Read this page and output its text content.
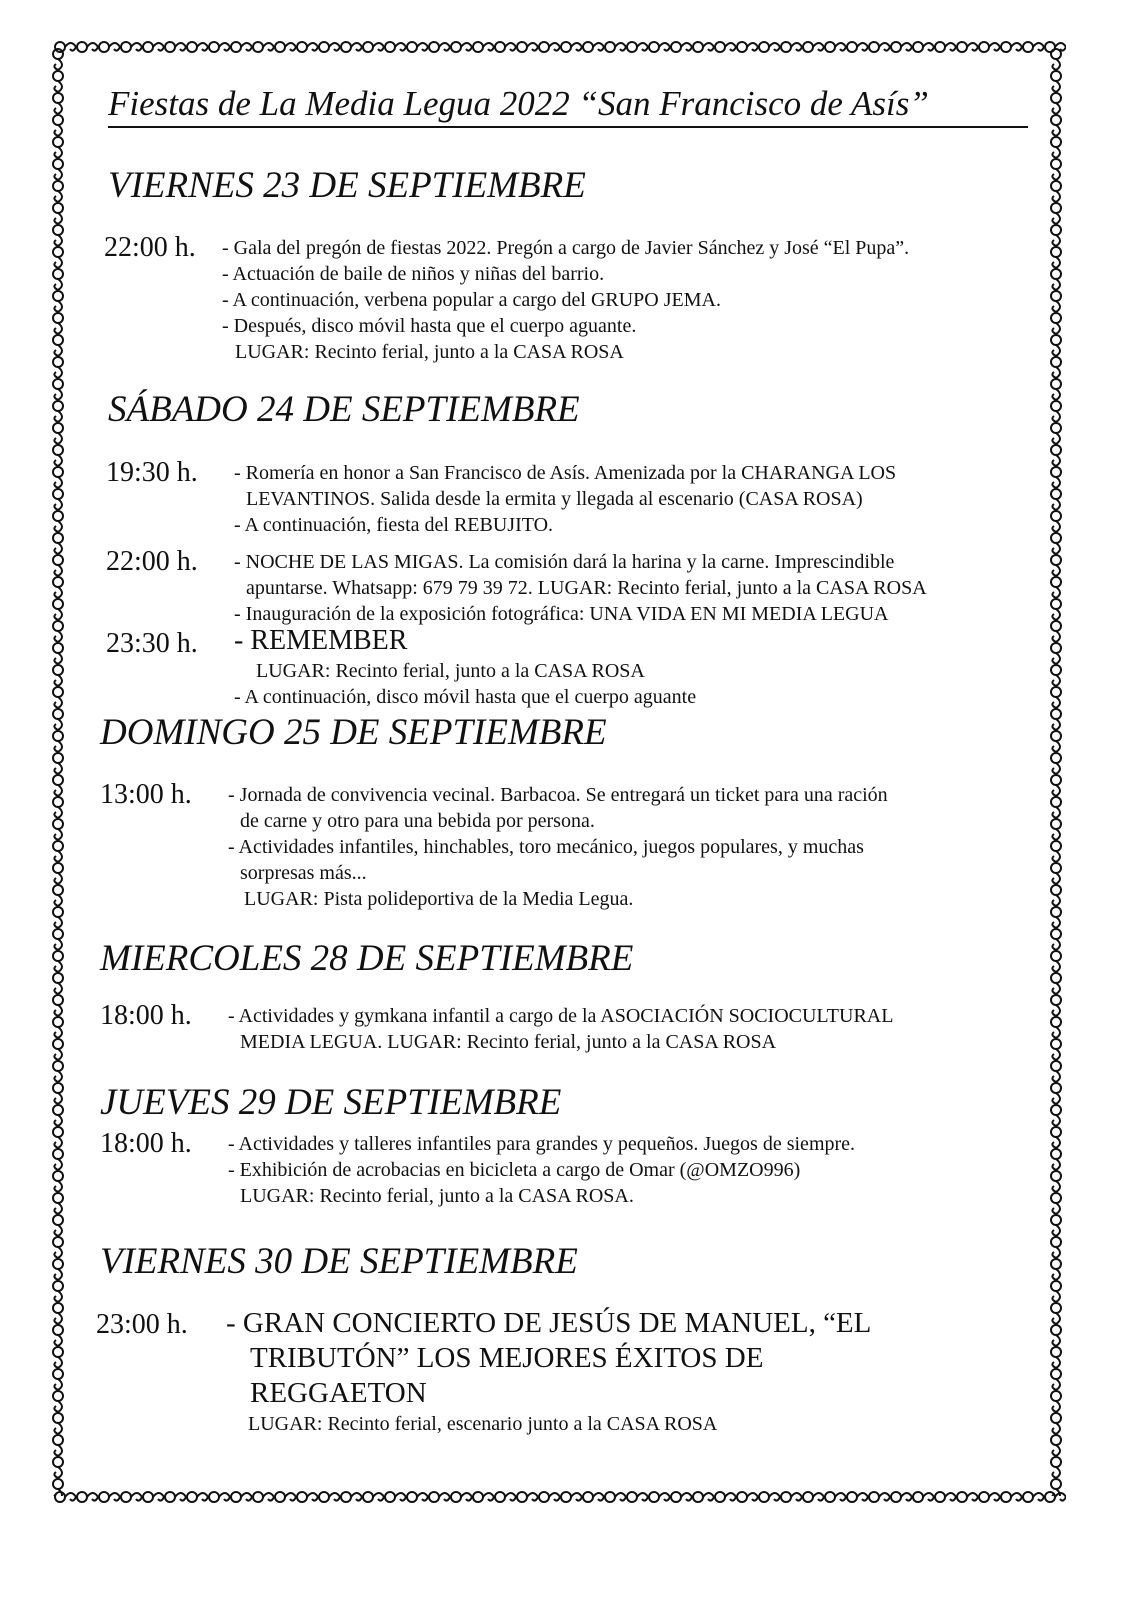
Fiestas de La Media Legua 2022 “San Francisco de Asís”
VIERNES 23 DE SEPTIEMBRE
22:00 h. - Gala del pregón de fiestas 2022. Pregón a cargo de Javier Sánchez y José “El Pupa”.
- Actuación de baile de niños y niñas del barrio.
- A continuación, verbena popular a cargo del GRUPO JEMA.
- Después, disco móvil hasta que el cuerpo aguante.
LUGAR: Recinto ferial, junto a la CASA ROSA
SÁBADO 24 DE SEPTIEMBRE
19:30 h. - Romería en honor a San Francisco de Asís. Amenizada por la CHARANGA LOS
LEVANTINOS. Salida desde la ermita y llegada al escenario (CASA ROSA)
- A continuación, fiesta del REBUJITO.
22:00 h. - NOCHE DE LAS MIGAS. La comisión dará la harina y la carne. Imprescindible
apuntarse. Whatsapp: 679 79 39 72. LUGAR: Recinto ferial, junto a la CASA ROSA
- Inauguración de la exposición fotográfica: UNA VIDA EN MI MEDIA LEGUA
23:30 h. - REMEMBER
LUGAR: Recinto ferial, junto a la CASA ROSA
- A continuación, disco móvil hasta que el cuerpo aguante
DOMINGO 25 DE SEPTIEMBRE
13:00 h. - Jornada de convivencia vecinal. Barbacoa. Se entregará un ticket para una ración
de carne y otro para una bebida por persona.
- Actividades infantiles, hinchables, toro mecánico, juegos populares, y muchas
sorpresas más...
LUGAR: Pista polideportiva de la Media Legua.
MIERCOLES 28 DE SEPTIEMBRE
18:00 h. - Actividades y gymkana infantil a cargo de la ASOCIACIÓN SOCIOCULTURAL
MEDIA LEGUA. LUGAR: Recinto ferial, junto a la CASA ROSA
JUEVES 29 DE SEPTIEMBRE
18:00 h. - Actividades y talleres infantiles para grandes y pequeños. Juegos de siempre.
- Exhibición de acrobacias en bicicleta a cargo de Omar (@OMZO996)
LUGAR: Recinto ferial, junto a la CASA ROSA.
VIERNES 30 DE SEPTIEMBRE
23:00 h. - GRAN CONCIERTO DE JESÚS DE MANUEL, “EL
TRIBUTÓN” LOS MEJORES ÉXITOS DE
REGGAETON
LUGAR: Recinto ferial, escenario junto a la CASA ROSA
